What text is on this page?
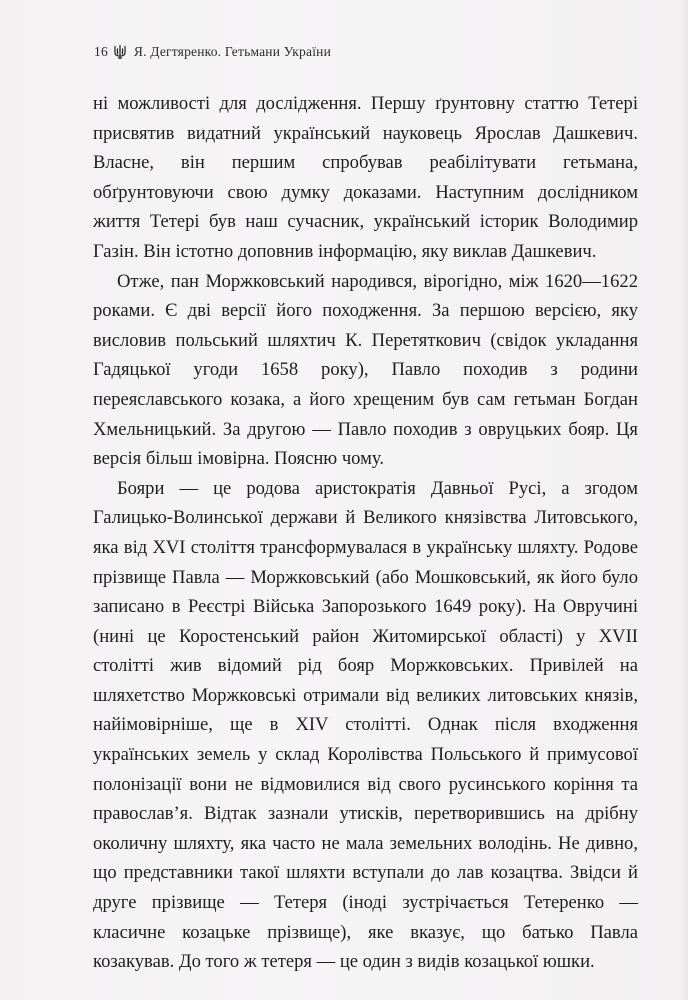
16 Я. Дегтяренко. Гетьмани України

ні можливості для дослідження. Першу ґрунтовну статтю Тетері присвятив видатний український науковець Ярослав Дашкевич. Власне, він першим спробував реабілітувати гетьмана, обґрунтовуючи свою думку доказами. Наступним дослідником життя Тетері був наш сучасник, український історик Володимир Газін. Він істотно доповнив інформацію, яку виклав Дашкевич.

Отже, пан Моржковський народився, вірогідно, між 1620—1622 роками. Є дві версії його походження. За першою версією, яку висловив польський шляхтич К. Перетяткович (свідок укладання Гадяцької угоди 1658 року), Павло походив з родини переяславського козака, а його хрещеним був сам гетьман Богдан Хмельницький. За другою — Павло походив з овруцьких бояр. Ця версія більш імовірна. Поясню чому.

Бояри — це родова аристократія Давньої Русі, а згодом Галицько-Волинської держави й Великого князівства Литовського, яка від XVI століття трансформувалася в українську шляхту. Родове прізвище Павла — Моржковський (або Мошковський, як його було записано в Реєстрі Війська Запорозького 1649 року). На Овручині (нині це Коростенський район Житомирської області) у XVII столітті жив відомий рід бояр Моржковських. Привілей на шляхетство Моржковські отримали від великих литовських князів, найімовірніше, ще в XIV столітті. Однак після входження українських земель у склад Королівства Польського й примусової полонізації вони не відмовилися від свого русинського коріння та православ’я. Відтак зазнали утисків, перетворившись на дрібну околичну шляхту, яка часто не мала земельних володінь. Не дивно, що представники такої шляхти вступали до лав козацтва. Звідси й друге прізвище — Тетеря (іноді зустрічається Тетеренко — класичне козацьке прізвище), яке вказує, що батько Павла козакував. До того ж тетеря — це один з видів козацької юшки.
